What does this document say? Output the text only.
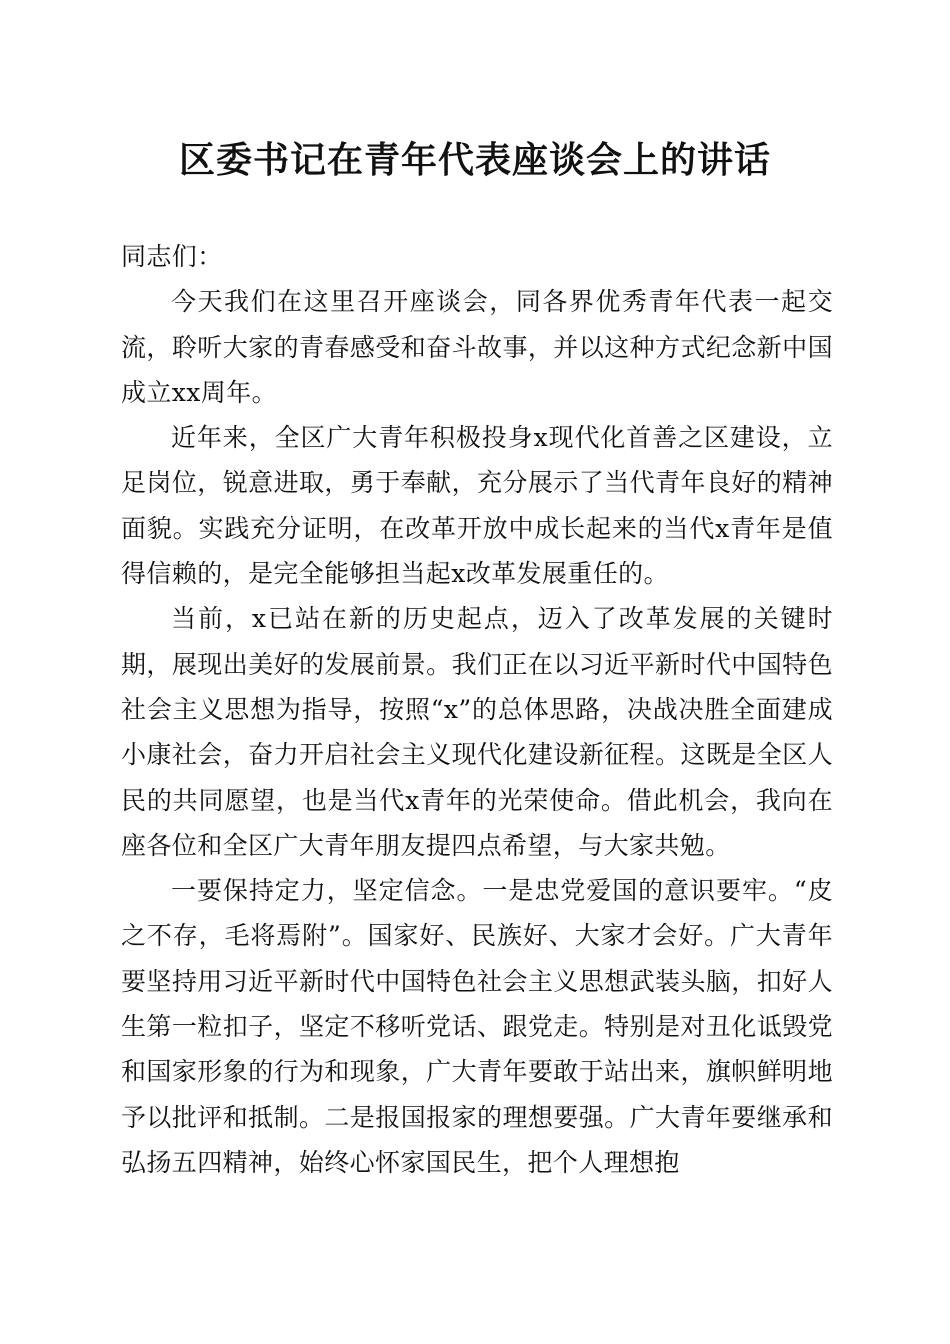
区委书记在青年代表座谈会上的讲话

同志们：

今天我们在这里召开座谈会，同各界优秀青年代表一起交流，聆听大家的青春感受和奋斗故事，并以这种方式纪念新中国成立xx周年。

近年来，全区广大青年积极投身x现代化首善之区建设，立足岗位，锐意进取，勇于奉献，充分展示了当代青年良好的精神面貌。实践充分证明，在改革开放中成长起来的当代x青年是值得信赖的，是完全能够担当起x改革发展重任的。

当前，x已站在新的历史起点，迈入了改革发展的关键时期，展现出美好的发展前景。我们正在以习近平新时代中国特色社会主义思想为指导，按照“x”的总体思路，决战决胜全面建成小康社会，奋力开启社会主义现代化建设新征程。这既是全区人民的共同愿望，也是当代x青年的光荣使命。借此机会，我向在座各位和全区广大青年朋友提四点希望，与大家共勉。

一要保持定力，坚定信念。一是忠党爱国的意识要牢。“皮之不存，毛将焉附”。国家好、民族好、大家才会好。广大青年要坚持用习近平新时代中国特色社会主义思想武装头脑，扣好人生第一粒扣子，坚定不移听党话、跟党走。特别是对丑化诋毁党和国家形象的行为和现象，广大青年要敢于站出来，旗帜鲜明地予以批评和抵制。二是报国报家的理想要强。广大青年要继承和弘扬五四精神，始终心怀家国民生，把个人理想抱
